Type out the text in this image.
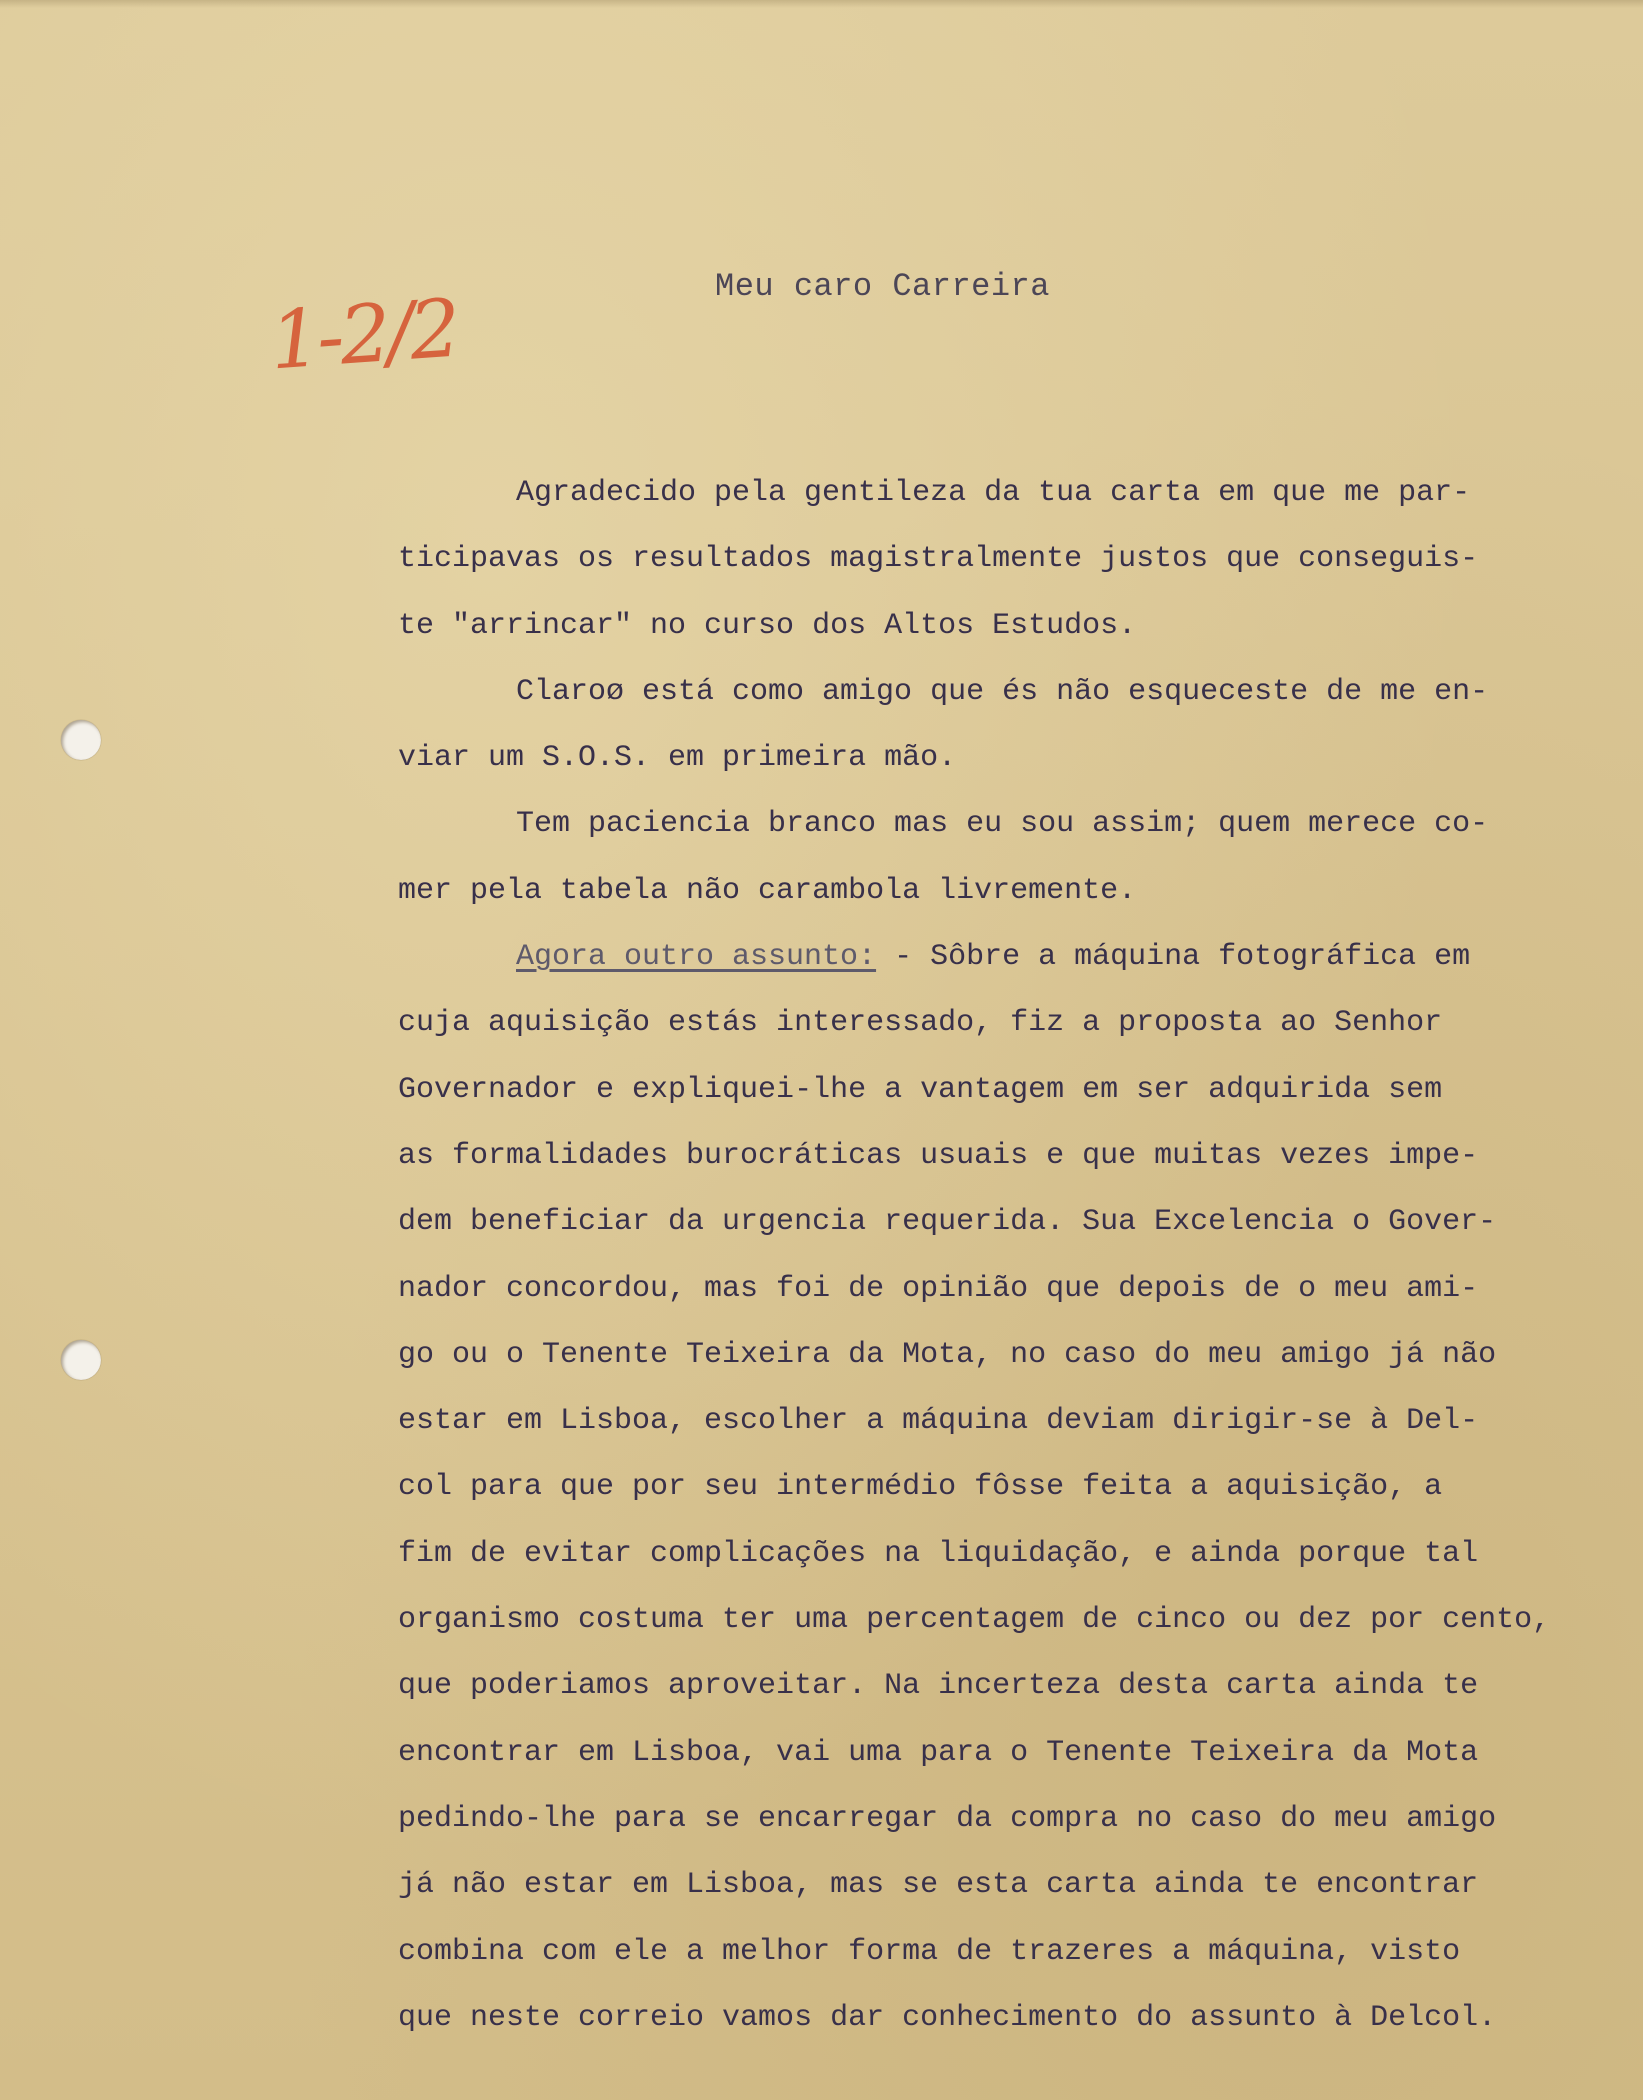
1-2/2	Meu caro Carreira
Agradecido pela gentileza da tua carta em que me par-
ticipavas os resultados magistralmente justos que conseguis-
te "arrincar" no curso dos Altos Estudos.
Claroø está como amigo que és não esqueceste de me en-
viar um S.O.S. em primeira mão.
Tem paciencia branco mas eu sou assim; quem merece co-
mer pela tabela não carambola livremente.
Agora outro assunto: - Sôbre a máquina fotográfica em
cuja aquisição estás interessado, fiz a proposta ao Senhor
Governador e expliquei-lhe a vantagem em ser adquirida sem
as formalidades burocráticas usuais e que muitas vezes impe-
dem beneficiar da urgencia requerida. Sua Excelencia o Gover-
nador concordou, mas foi de opinião que depois de o meu ami-
go ou o Tenente Teixeira da Mota, no caso do meu amigo já não
estar em Lisboa, escolher a máquina deviam dirigir-se à Del-
col para que por seu intermédio fôsse feita a aquisição, a
fim de evitar complicações na liquidação, e ainda porque tal
organismo costuma ter uma percentagem de cinco ou dez por cento,
que poderiamos aproveitar. Na incerteza desta carta ainda te
encontrar em Lisboa, vai uma para o Tenente Teixeira da Mota
pedindo-lhe para se encarregar da compra no caso do meu amigo
já não estar em Lisboa, mas se esta carta ainda te encontrar
combina com ele a melhor forma de trazeres a máquina, visto
que neste correio vamos dar conhecimento do assunto à Delcol.
